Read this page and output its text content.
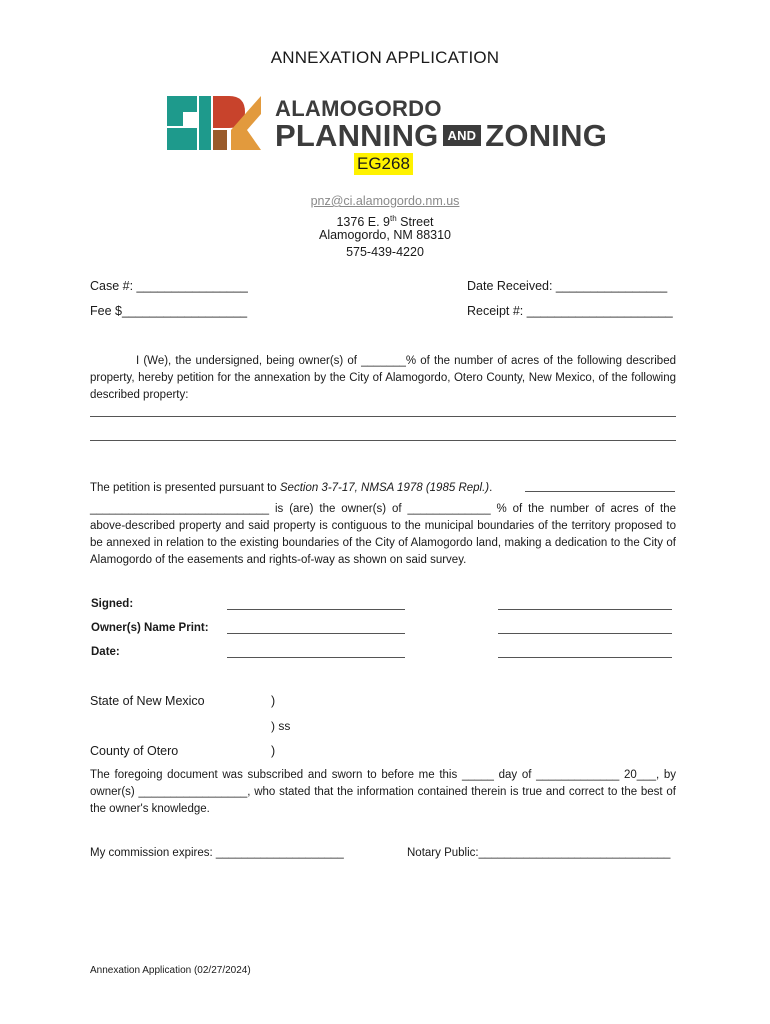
ANNEXATION APPLICATION
ALAMOGORDO
PLANNING AND ZONING
EG268
pnz@ci.alamogordo.nm.us
1376 E. 9th Street
Alamogordo, NM 88310
575-439-4220
Case #: ________________	Date Received: ________________
Fee $__________________	Receipt #: _____________________
I (We), the undersigned, being owner(s) of _______% of the number of acres of the following described property, hereby petition for the annexation by the City of Alamogordo, Otero County, New Mexico, of the following described property:
The petition is presented pursuant to Section 3-7-17, NMSA 1978 (1985 Repl.).
____________________________ is (are) the owner(s) of _____________ % of the number of acres of the above-described property and said property is contiguous to the municipal boundaries of the territory proposed to be annexed in relation to the existing boundaries of the City of Alamogordo land, making a dedication to the City of Alamogordo of the easements and rights-of-way as shown on said survey.
Signed:
Owner(s) Name Print:
Date:
State of New Mexico	)
) ss
County of Otero	)
The foregoing document was subscribed and sworn to before me this _____ day of _____________ 20___, by owner(s) _________________, who stated that the information contained therein is true and correct to the best of the owner's knowledge.
My commission expires: ____________________	Notary Public:______________________________
Annexation Application (02/27/2024)
